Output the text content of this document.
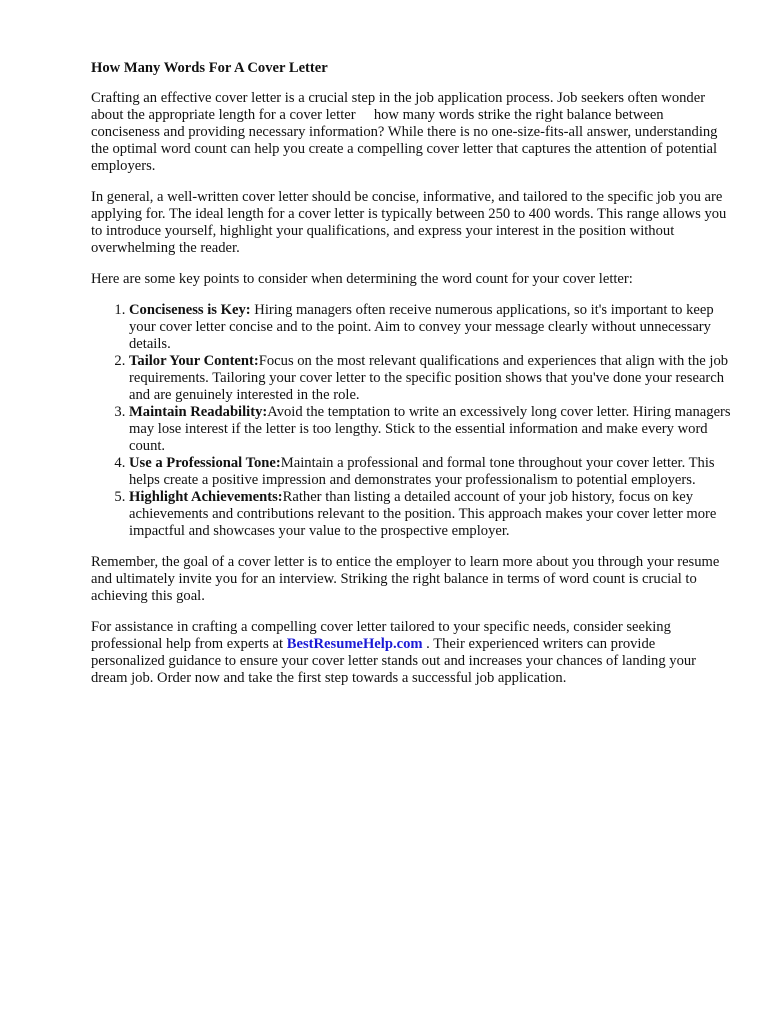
How Many Words For A Cover Letter

Crafting an effective cover letter is a crucial step in the job application process. Job seekers often wonder about the appropriate length for a cover letter  how many words strike the right balance between conciseness and providing necessary information? While there is no one-size-fits-all answer, understanding the optimal word count can help you create a compelling cover letter that captures the attention of potential employers.

In general, a well-written cover letter should be concise, informative, and tailored to the specific job you are applying for. The ideal length for a cover letter is typically between 250 to 400 words. This range allows you to introduce yourself, highlight your qualifications, and express your interest in the position without overwhelming the reader.

Here are some key points to consider when determining the word count for your cover letter:

1. Conciseness is Key: Hiring managers often receive numerous applications, so it's important to keep your cover letter concise and to the point. Aim to convey your message clearly without unnecessary details.
2. Tailor Your Content:Focus on the most relevant qualifications and experiences that align with the job requirements. Tailoring your cover letter to the specific position shows that you've done your research and are genuinely interested in the role.
3. Maintain Readability:Avoid the temptation to write an excessively long cover letter. Hiring managers may lose interest if the letter is too lengthy. Stick to the essential information and make every word count.
4. Use a Professional Tone:Maintain a professional and formal tone throughout your cover letter. This helps create a positive impression and demonstrates your professionalism to potential employers.
5. Highlight Achievements:Rather than listing a detailed account of your job history, focus on key achievements and contributions relevant to the position. This approach makes your cover letter more impactful and showcases your value to the prospective employer.

Remember, the goal of a cover letter is to entice the employer to learn more about you through your resume and ultimately invite you for an interview. Striking the right balance in terms of word count is crucial to achieving this goal.

For assistance in crafting a compelling cover letter tailored to your specific needs, consider seeking professional help from experts at BestResumeHelp.com . Their experienced writers can provide personalized guidance to ensure your cover letter stands out and increases your chances of landing your dream job. Order now and take the first step towards a successful job application.
